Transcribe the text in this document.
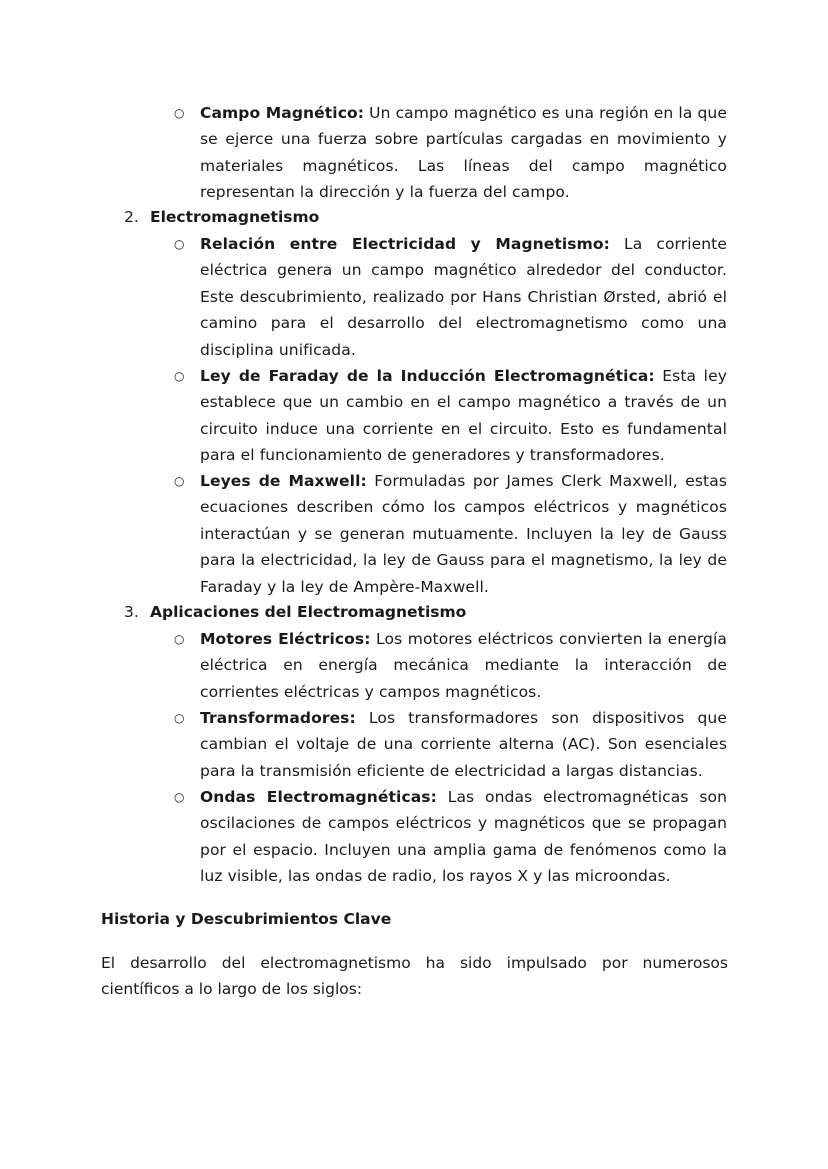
○ Campo Magnético: Un campo magnético es una región en la que se ejerce una fuerza sobre partículas cargadas en movimiento y materiales magnéticos. Las líneas del campo magnético representan la dirección y la fuerza del campo.
2. Electromagnetismo
○ Relación entre Electricidad y Magnetismo: La corriente eléctrica genera un campo magnético alrededor del conductor. Este descubrimiento, realizado por Hans Christian Ørsted, abrió el camino para el desarrollo del electromagnetismo como una disciplina unificada.
○ Ley de Faraday de la Inducción Electromagnética: Esta ley establece que un cambio en el campo magnético a través de un circuito induce una corriente en el circuito. Esto es fundamental para el funcionamiento de generadores y transformadores.
○ Leyes de Maxwell: Formuladas por James Clerk Maxwell, estas ecuaciones describen cómo los campos eléctricos y magnéticos interactúan y se generan mutuamente. Incluyen la ley de Gauss para la electricidad, la ley de Gauss para el magnetismo, la ley de Faraday y la ley de Ampère-Maxwell.
3. Aplicaciones del Electromagnetismo
○ Motores Eléctricos: Los motores eléctricos convierten la energía eléctrica en energía mecánica mediante la interacción de corrientes eléctricas y campos magnéticos.
○ Transformadores: Los transformadores son dispositivos que cambian el voltaje de una corriente alterna (AC). Son esenciales para la transmisión eficiente de electricidad a largas distancias.
○ Ondas Electromagnéticas: Las ondas electromagnéticas son oscilaciones de campos eléctricos y magnéticos que se propagan por el espacio. Incluyen una amplia gama de fenómenos como la luz visible, las ondas de radio, los rayos X y las microondas.
Historia y Descubrimientos Clave
El desarrollo del electromagnetismo ha sido impulsado por numerosos científicos a lo largo de los siglos:
